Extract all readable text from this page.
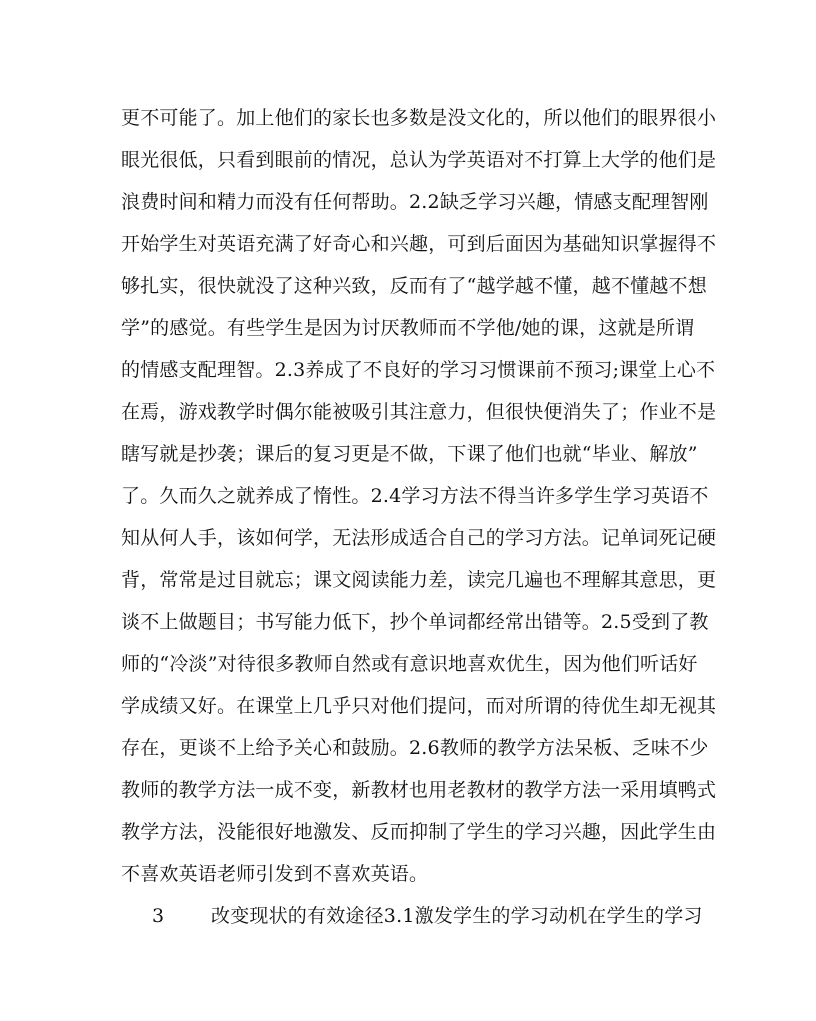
更不可能了。加上他们的家长也多数是没文化的，所以他们的眼界很小
眼光很低，只看到眼前的情况，总认为学英语对不打算上大学的他们是
浪费时间和精力而没有任何帮助。2.2缺乏学习兴趣，情感支配理智刚
开始学生对英语充满了好奇心和兴趣，可到后面因为基础知识掌握得不
够扎实，很快就没了这种兴致，反而有了“越学越不懂，越不懂越不想
学”的感觉。有些学生是因为讨厌教师而不学他/她的课，这就是所谓
的情感支配理智。2.3养成了不良好的学习习惯课前不预习;课堂上心不
在焉，游戏教学时偶尔能被吸引其注意力，但很快便消失了；作业不是
瞎写就是抄袭；课后的复习更是不做，下课了他们也就“毕业、解放”
了。久而久之就养成了惰性。2.4学习方法不得当许多学生学习英语不
知从何人手，该如何学，无法形成适合自己的学习方法。记单词死记硬
背，常常是过目就忘；课文阅读能力差，读完几遍也不理解其意思，更
谈不上做题目；书写能力低下，抄个单词都经常出错等。2.5受到了教
师的“冷淡”对待很多教师自然或有意识地喜欢优生，因为他们听话好
学成绩又好。在课堂上几乎只对他们提问，而对所谓的待优生却无视其
存在，更谈不上给予关心和鼓励。2.6教师的教学方法呆板、乏味不少
教师的教学方法一成不变，新教材也用老教材的教学方法一采用填鸭式
教学方法，没能很好地激发、反而抑制了学生的学习兴趣，因此学生由
不喜欢英语老师引发到不喜欢英语。
3 改变现状的有效途径3.1激发学生的学习动机在学生的学习
